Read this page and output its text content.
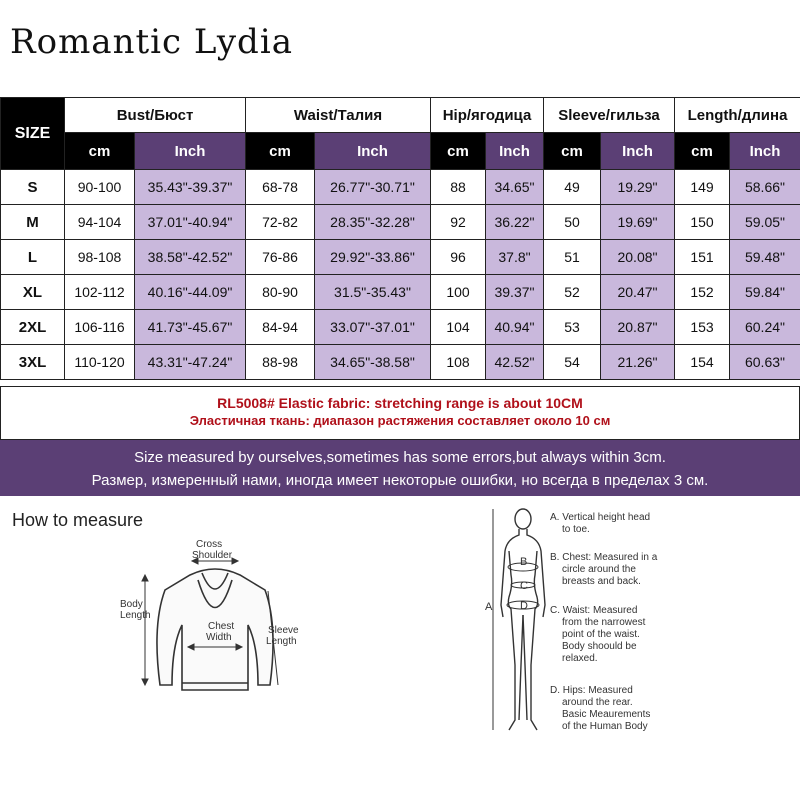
Romantic Lydia
SIZE	Bust/Бюст		Waist/Талия		Hip/ягодица		Sleeve/гильза		Length/длина	
	cm	Inch	cm	Inch	cm	Inch	cm	Inch	cm	Inch
S	90-100	35.43"-39.37"	68-78	26.77"-30.71"	88	34.65"	49	19.29"	149	58.66"
M	94-104	37.01"-40.94"	72-82	28.35"-32.28"	92	36.22"	50	19.69"	150	59.05"
L	98-108	38.58"-42.52"	76-86	29.92"-33.86"	96	37.8"	51	20.08"	151	59.48"
XL	102-112	40.16"-44.09"	80-90	31.5"-35.43"	100	39.37"	52	20.47"	152	59.84"
2XL	106-116	41.73"-45.67"	84-94	33.07"-37.01"	104	40.94"	53	20.87"	153	60.24"
3XL	110-120	43.31"-47.24"	88-98	34.65"-38.58"	108	42.52"	54	21.26"	154	60.63"
RL5008# Elastic fabric: stretching range is about 10CM
Эластичная ткань: диапазон растяжения составляет около 10 см
Size measured by ourselves,sometimes has some errors,but always within 3cm.
Размер, измеренный нами, иногда имеет некоторые ошибки, но всегда в пределах 3 см.
How to measure
Cross
Shoulder
Body
Length
Chest
Width
Sleeve
Length
A
B
C
D
A. Vertical height head
to toe.
B. Chest: Measured in a
circle around the
breasts and back.
C. Waist: Measured
from the narrowest
point of the waist.
Body shoould be
relaxed.
D. Hips: Measured
around the rear.
Basic Meaurements
of the Human Body
